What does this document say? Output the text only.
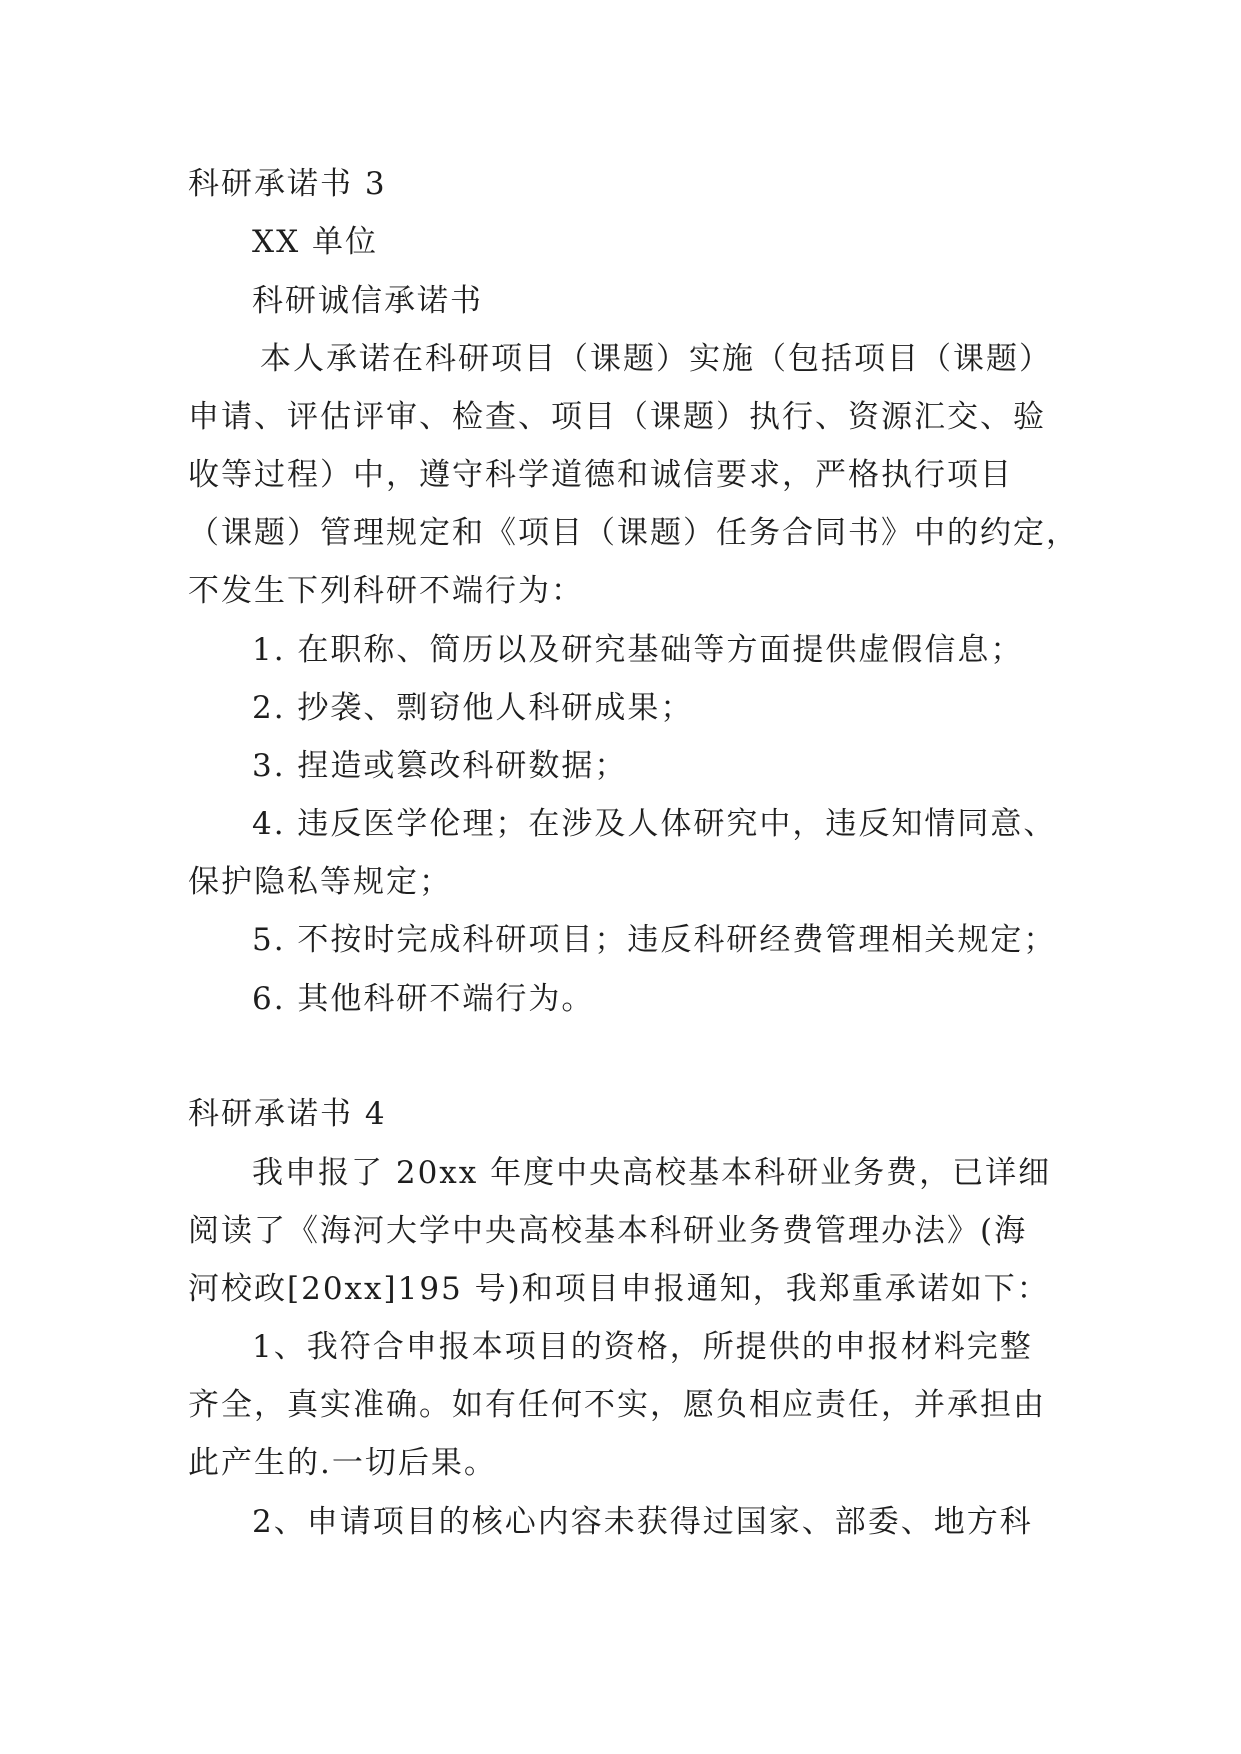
科研承诺书 3
XX 单位
科研诚信承诺书
本人承诺在科研项目（课题）实施（包括项目（课题）
申请、评估评审、检查、项目（课题）执行、资源汇交、验
收等过程）中，遵守科学道德和诚信要求，严格执行项目
（课题）管理规定和《项目（课题）任务合同书》中的约定，
不发生下列科研不端行为：
1. 在职称、简历以及研究基础等方面提供虚假信息；
2. 抄袭、剽窃他人科研成果；
3. 捏造或篡改科研数据；
4. 违反医学伦理；在涉及人体研究中，违反知情同意、
保护隐私等规定；
5. 不按时完成科研项目；违反科研经费管理相关规定；
6. 其他科研不端行为。
科研承诺书 4
我申报了 20xx 年度中央高校基本科研业务费，已详细
阅读了《海河大学中央高校基本科研业务费管理办法》(海
河校政[20xx]195 号)和项目申报通知，我郑重承诺如下：
1、我符合申报本项目的资格，所提供的申报材料完整
齐全，真实准确。如有任何不实，愿负相应责任，并承担由
此产生的.一切后果。
2、申请项目的核心内容未获得过国家、部委、地方科
